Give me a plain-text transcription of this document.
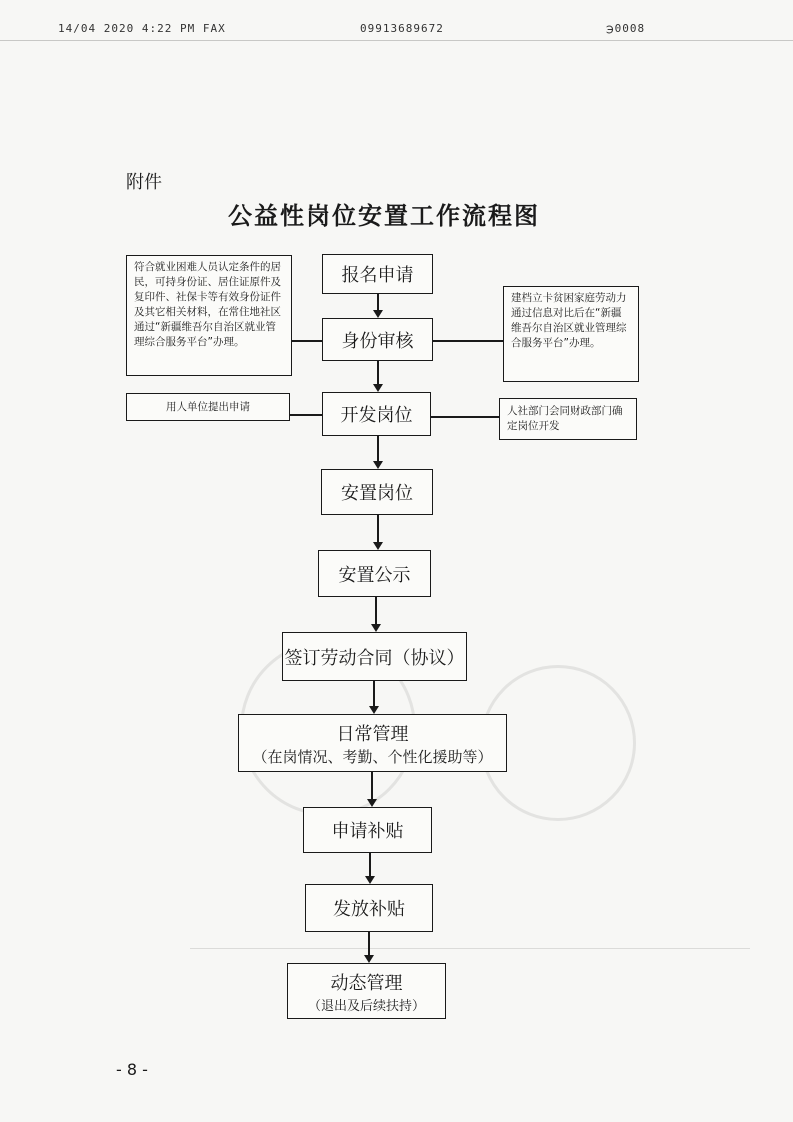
14/04 2020 4:22 PM FAX	09913689672	℈0008
附件
公益性岗位安置工作流程图
符合就业困难人员认定条件的居民，可持身份证、居住证原件及复印件、社保卡等有效身份证件及其它相关材料，在常住地社区通过“新疆维吾尔自治区就业管理综合服务平台”办理。
用人单位提出申请
建档立卡贫困家庭劳动力通过信息对比后在“新疆维吾尔自治区就业管理综合服务平台”办理。
人社部门会同财政部门确定岗位开发
报名申请
身份审核
开发岗位
安置岗位
安置公示
签订劳动合同（协议）
日常管理
（在岗情况、考勤、个性化援助等）
申请补贴
发放补贴
动态管理
（退出及后续扶持）
- 8 -
